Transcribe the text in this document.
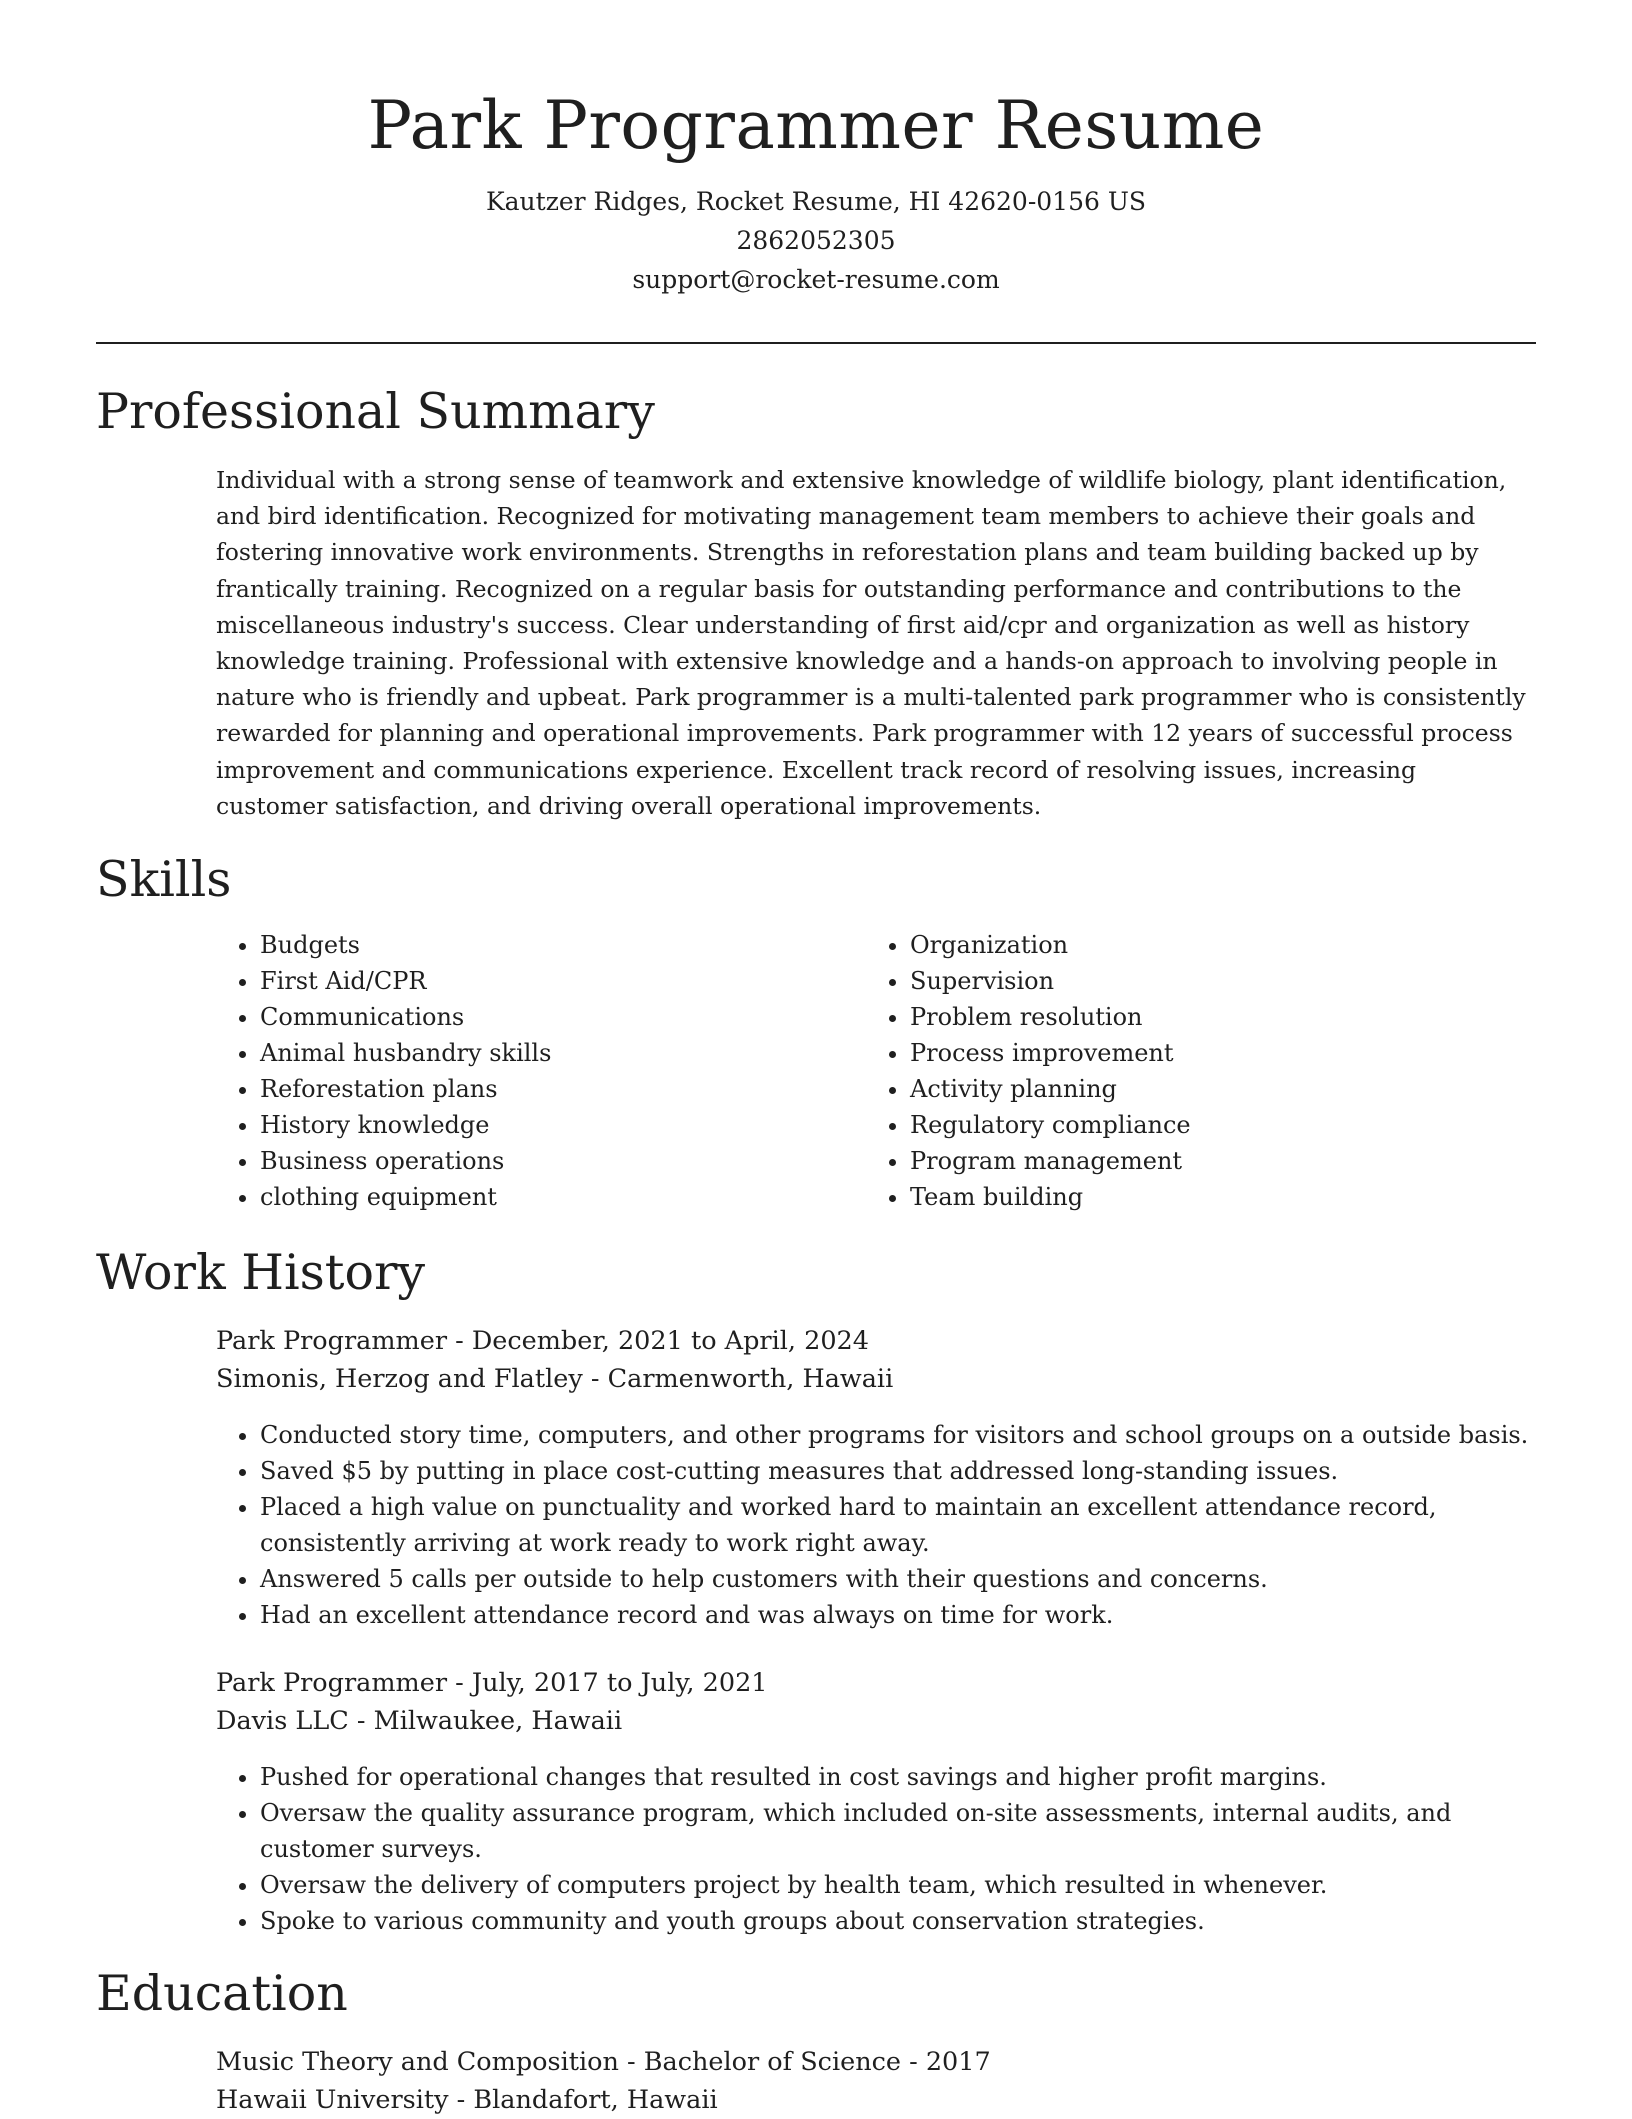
Park Programmer Resume

Kautzer Ridges, Rocket Resume, HI 42620-0156 US

2862052305

support@rocket-resume.com

Professional Summary

Individual with a strong sense of teamwork and extensive knowledge of wildlife biology, plant identification, and bird identification. Recognized for motivating management team members to achieve their goals and fostering innovative work environments. Strengths in reforestation plans and team building backed up by frantically training. Recognized on a regular basis for outstanding performance and contributions to the miscellaneous industry's success. Clear understanding of first aid/cpr and organization as well as history knowledge training. Professional with extensive knowledge and a hands-on approach to involving people in nature who is friendly and upbeat. Park programmer is a multi-talented park programmer who is consistently rewarded for planning and operational improvements. Park programmer with 12 years of successful process improvement and communications experience. Excellent track record of resolving issues, increasing customer satisfaction, and driving overall operational improvements.

Skills
• Budgets
• First Aid/CPR
• Communications
• Animal husbandry skills
• Reforestation plans
• History knowledge
• Business operations
• clothing equipment
• Organization
• Supervision
• Problem resolution
• Process improvement
• Activity planning
• Regulatory compliance
• Program management
• Team building
Work History

Park Programmer - December, 2021 to April, 2024

Simonis, Herzog and Flatley - Carmenworth, Hawaii

• Conducted story time, computers, and other programs for visitors and school groups on a outside basis.
• Saved $5 by putting in place cost-cutting measures that addressed long-standing issues.
• Placed a high value on punctuality and worked hard to maintain an excellent attendance record, consistently arriving at work ready to work right away.
• Answered 5 calls per outside to help customers with their questions and concerns.
• Had an excellent attendance record and was always on time for work.

Park Programmer - July, 2017 to July, 2021

Davis LLC - Milwaukee, Hawaii

• Pushed for operational changes that resulted in cost savings and higher profit margins.
• Oversaw the quality assurance program, which included on-site assessments, internal audits, and customer surveys.
• Oversaw the delivery of computers project by health team, which resulted in whenever.
• Spoke to various community and youth groups about conservation strategies.
Education

Music Theory and Composition - Bachelor of Science - 2017

Hawaii University - Blandafort, Hawaii
